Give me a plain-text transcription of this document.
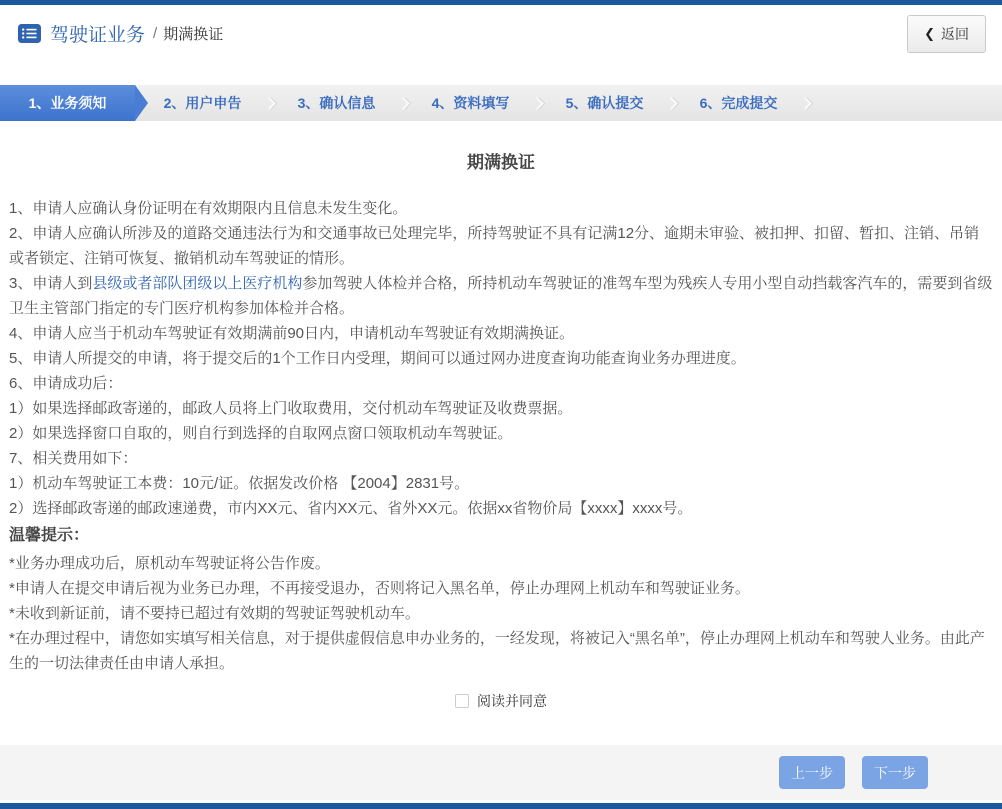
驾驶证业务 / 期满换证	❮ 返回
1、业务须知	2、用户申告	3、确认信息	4、资料填写	5、确认提交	6、完成提交
期满换证
1、申请人应确认身份证明在有效期限内且信息未发生变化。
2、申请人应确认所涉及的道路交通违法行为和交通事故已处理完毕，所持驾驶证不具有记满12分、逾期未审验、被扣押、扣留、暂扣、注销、吊销或者锁定、注销可恢复、撤销机动车驾驶证的情形。
3、申请人到县级或者部队团级以上医疗机构参加驾驶人体检并合格，所持机动车驾驶证的准驾车型为残疾人专用小型自动挡载客汽车的，需要到省级卫生主管部门指定的专门医疗机构参加体检并合格。
4、申请人应当于机动车驾驶证有效期满前90日内，申请机动车驾驶证有效期满换证。
5、申请人所提交的申请，将于提交后的1个工作日内受理，期间可以通过网办进度查询功能查询业务办理进度。
6、申请成功后：
1）如果选择邮政寄递的，邮政人员将上门收取费用，交付机动车驾驶证及收费票据。
2）如果选择窗口自取的，则自行到选择的自取网点窗口领取机动车驾驶证。
7、相关费用如下：
1）机动车驾驶证工本费：10元/证。依据发改价格 【2004】2831号。
2）选择邮政寄递的邮政速递费，市内XX元、省内XX元、省外XX元。依据xx省物价局【xxxx】xxxx号。
温馨提示：
*业务办理成功后，原机动车驾驶证将公告作废。
*申请人在提交申请后视为业务已办理，不再接受退办，否则将记入黑名单，停止办理网上机动车和驾驶证业务。
*未收到新证前，请不要持已超过有效期的驾驶证驾驶机动车。
*在办理过程中，请您如实填写相关信息，对于提供虚假信息申办业务的，一经发现，将被记入“黑名单”，停止办理网上机动车和驾驶人业务。由此产生的一切法律责任由申请人承担。
阅读并同意
上一步	下一步
